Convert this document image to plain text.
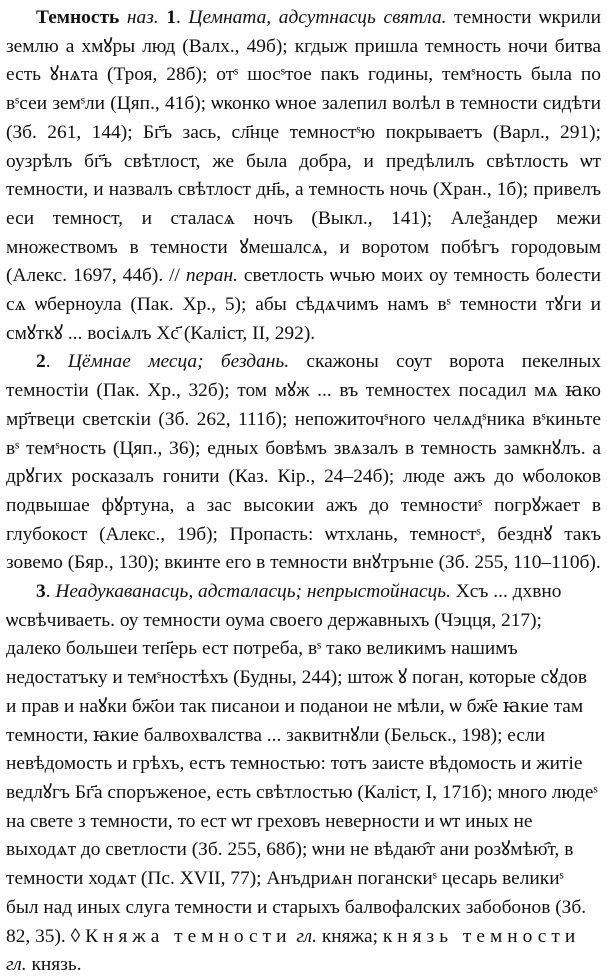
Темность наз. 1. Цемната, адсутнасць святла. темности ѡкрили землю а хмꙋры люд (Валх., 49б); кгдыж пришла темность ночи битва есть ꙋнѧта (Троя, 28б); отˢ шосˢтое пакъ годины, темˢность была по вˢсеи земˢли (Цяп., 41б); ѡконко ѡное залепил волѣл в темности сидѣти (Зб. 261, 144); Бг҃ъ зась, сл҃нце темностˢю покрываетъ (Варл., 291); оузрѣлъ бг҃ъ свѣтлост, же была добра, и предѣлилъ свѣтлость ѡт темности, и назвалъ свѣтлост дн҃ь, а темность ночь (Хран., 1б); привелъ еси темност, и сталасѧ ночъ (Выкл., 141); Алеѯандер межи множествомъ в темности ꙋмешалсѧ, и воротом побѣгъ городовым (Алекс. 1697, 44б). // перан. светлость ѡчью моих оу темность болести сѧ ѡберноула (Пак. Хр., 5); абы сѣдѧчимъ намъ вˢ темности тꙋги и смꙋткꙋ ... восіѧлъ Хс҃ (Каліст, II, 292).

2. Цёмнае месца; бездань. скажоны соут ворота пекелных темностіи (Пак. Хр., 32б); том мꙋж ... въ темностех посадил мѧ ꙗко мр҃твеци светскіи (Зб. 262, 111б); непожиточˢного челѧдˢника вˢкиньте вˢ темˢность (Цяп., 36); едных бовѣмъ звѧзалъ в темность замкнꙋлъ. а дрꙋгих росказалъ гонити (Каз. Кір., 24–24б); люде ажъ до ѡболоков подвышае фꙋртуна, а зас высокии ажъ до темностиˢ погрꙋжает в глубокост (Алекс., 19б); Пропасть: ѡтхлань, темностˢ, безднꙋ такъ зовемо (Бяр., 130); вкинте его в темности внꙋтрънıе (Зб. 255, 110–110б).

3. Неадукаванасць, адсталасць; непрыстойнасць. Хсъ ... дхвно ѡсвѣчиваеть. оу темности оума своего державныхъ (Чэцця, 217); далеко большеи теп҃ерь ест потреба, вˢ тако великимъ нашимъ недостатъку и темˢностѣхъ (Будны, 244); штож ꙋ поган, которые сꙋдов и прав и наꙋки бж҃ои так писанои и поданои не мѣли, ѡ бж҃е ꙗкие там темности, ꙗкие балвохвалства ... заквитнꙋли (Бельск., 198); если невѣдомость и грѣхъ, естъ темностью: тотъ заисте вѣдомость и житіе ведлꙋгъ Бг҃а споръженое, есть свѣтлостью (Каліст, I, 171б); много людеˢ на свете з темности, то ест ѡт греховъ неверности и ѡт иных не выходѧт до светлости (Зб. 255, 68б); ѡни не вѣдаю҄т ани розꙋмѣю҄т, в темности ходѧт (Пс. XVII, 77); Анъдриѧн поганскиˢ цесарь великиˢ был над иных слуга темности и старыхъ балвофалских забобонов (Зб. 82, 35). ◊ Княжа темности гл. княжа; князь темности гл. князь.
